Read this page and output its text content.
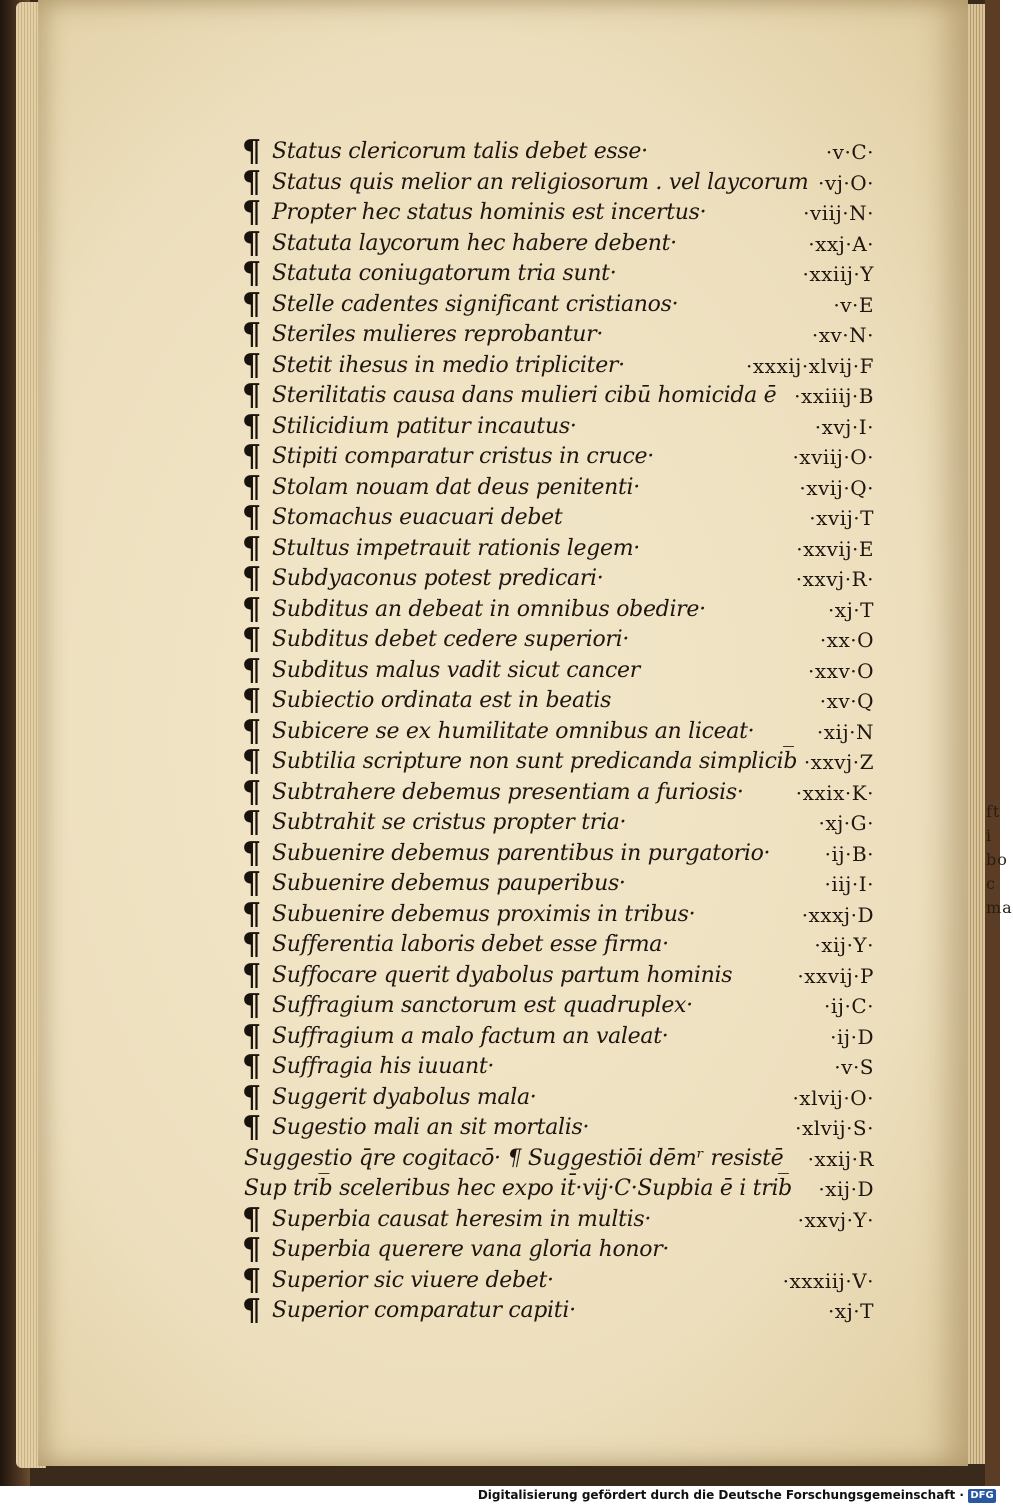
ft i bo c ma
¶ Status clericorum talis debet esse·	·v·C·
¶ Status quis melior an religiosorum . vel laycorum ·vj·O·
¶ Propter hec status hominis est incertus·	·viij·N·
¶ Statuta laycorum hec habere debent·	·xxj·A·
¶ Statuta coniugatorum tria sunt·	·xxiij·Y
¶ Stelle cadentes significant cristianos·	·v·E
¶ Steriles mulieres reprobantur·	·xv·N·
¶ Stetit ihesus in medio tripliciter·	·xxxij·xlvij·F
¶ Sterilitatis causa dans mulieri cibū homicida ē ·xxiiij·B
¶ Stilicidium patitur incautus·	·xvj·I·
¶ Stipiti comparatur cristus in cruce·	·xviij·O·
¶ Stolam nouam dat deus penitenti·	·xvij·Q·
¶ Stomachus euacuari debet	·xvij·T
¶ Stultus impetrauit rationis legem·	·xxvij·E
¶ Subdyaconus potest predicari·	·xxvj·R·
¶ Subditus an debeat in omnibus obedire·	·xj·T
¶ Subditus debet cedere superiori·	·xx·O
¶ Subditus malus vadit sicut cancer	·xxv·O
¶ Subiectio ordinata est in beatis	·xv·Q
¶ Subicere se ex humilitate omnibus an liceat·	·xij·N
¶ Subtilia scripture non sunt predicanda simplicib̅ ·xxvj·Z
¶ Subtrahere debemus presentiam a furiosis·	·xxix·K·
¶ Subtrahit se cristus propter tria·	·xj·G·
¶ Subuenire debemus parentibus in purgatorio·	·ij·B·
¶ Subuenire debemus pauperibus·	·iij·I·
¶ Subuenire debemus proximis in tribus·	·xxxj·D
¶ Sufferentia laboris debet esse firma·	·xij·Y·
¶ Suffocare querit dyabolus partum hominis	·xxvij·P
¶ Suffragium sanctorum est quadruplex·	·ij·C·
¶ Suffragium a malo factum an valeat·	·ij·D
¶ Suffragia his iuuant·	·v·S
¶ Suggerit dyabolus mala·	·xlvij·O·
¶ Sugestio mali an sit mortalis·	·xlvij·S·
Suggestio q̄re cogitacō· ¶ Suggestiōi dēmʳ resistē ·xxij·R
Sup trib̅ sceleribus hec expo it̄·vij·C·Supbia ē i trib̅ ·xij·D
¶ Superbia causat heresim in multis·	·xxvj·Y·
¶ Superbia querere vana gloria honor·
¶ Superior sic viuere debet·	·xxxiij·V·
¶ Superior comparatur capiti·	·xj·T
Digitalisierung gefördert durch die Deutsche Forschungsgemeinschaft · DFG
